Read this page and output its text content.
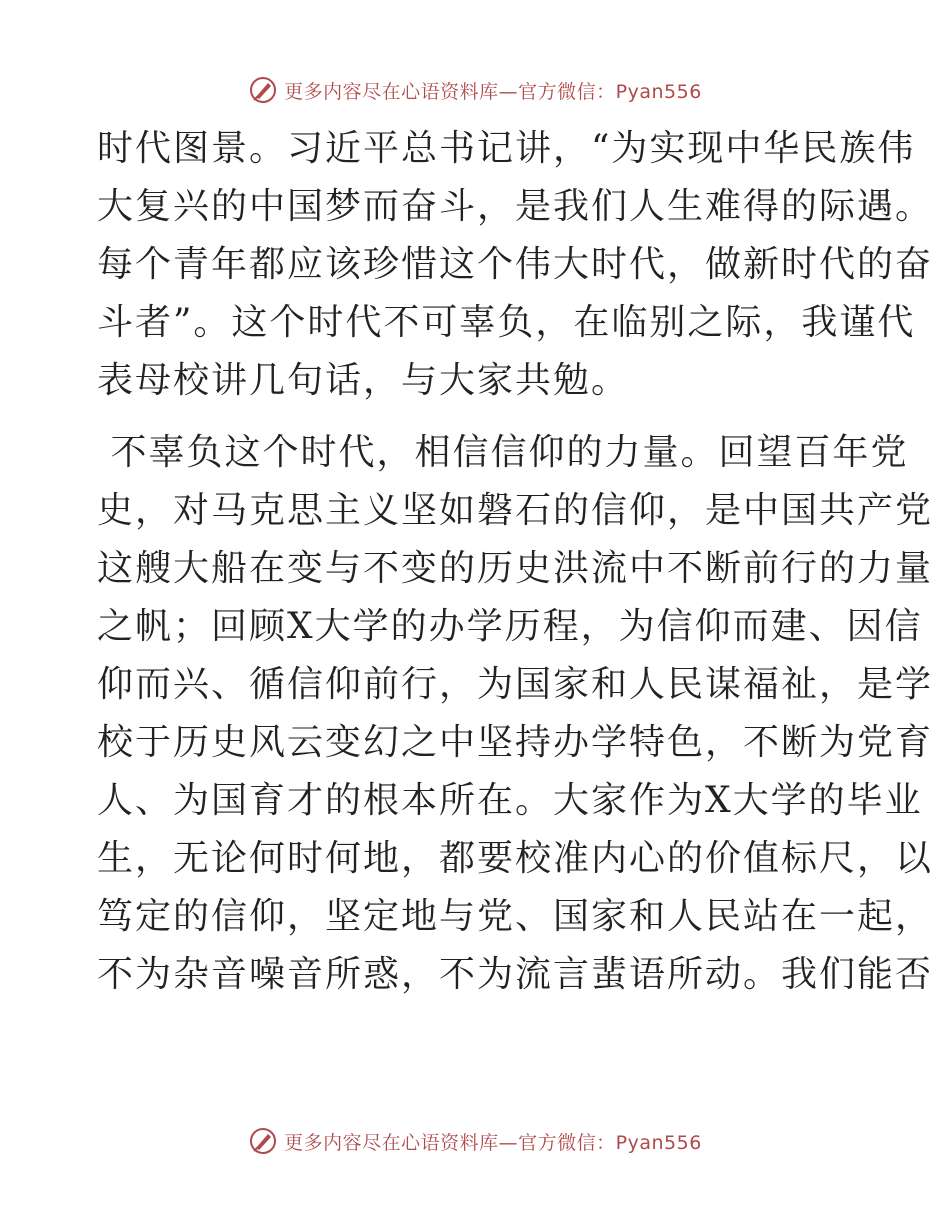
更多内容尽在心语资料库—官方微信：Pyan556

时代图景。习近平总书记讲，“为实现中华民族伟
大复兴的中国梦而奋斗，是我们人生难得的际遇。
每个青年都应该珍惜这个伟大时代，做新时代的奋
斗者”。这个时代不可辜负，在临别之际，我谨代
表母校讲几句话，与大家共勉。

不辜负这个时代，相信信仰的力量。回望百年党
史，对马克思主义坚如磐石的信仰，是中国共产党
这艘大船在变与不变的历史洪流中不断前行的力量
之帆；回顾X大学的办学历程，为信仰而建、因信
仰而兴、循信仰前行，为国家和人民谋福祉，是学
校于历史风云变幻之中坚持办学特色，不断为党育
人、为国育才的根本所在。大家作为X大学的毕业
生，无论何时何地，都要校准内心的价值标尺，以
笃定的信仰，坚定地与党、国家和人民站在一起，
不为杂音噪音所惑，不为流言蜚语所动。我们能否

更多内容尽在心语资料库—官方微信：Pyan556
